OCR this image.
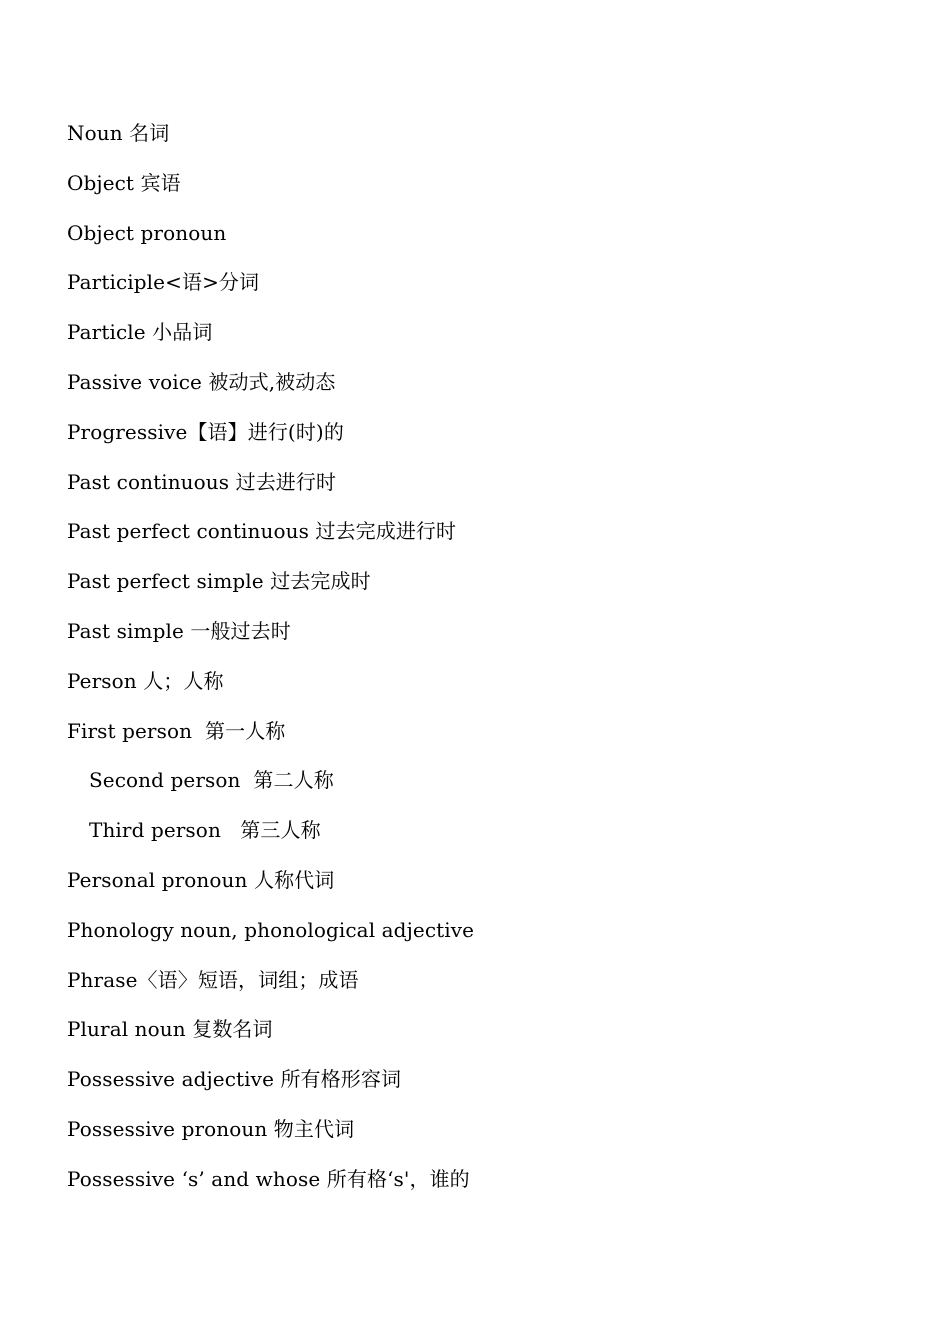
Noun 名词
Object 宾语
Object pronoun
Participle<语>分词
Particle 小品词
Passive voice 被动式,被动态
Progressive【语】进行(时)的
Past continuous 过去进行时
Past perfect continuous 过去完成进行时
Past perfect simple 过去完成时
Past simple 一般过去时
Person 人；人称
First person  第一人称
Second person  第二人称
Third person   第三人称
Personal pronoun 人称代词
Phonology noun, phonological adjective
Phrase〈语〉短语，词组；成语
Plural noun 复数名词
Possessive adjective 所有格形容词
Possessive pronoun 物主代词
Possessive ‘s’ and whose 所有格‘s'，谁的
